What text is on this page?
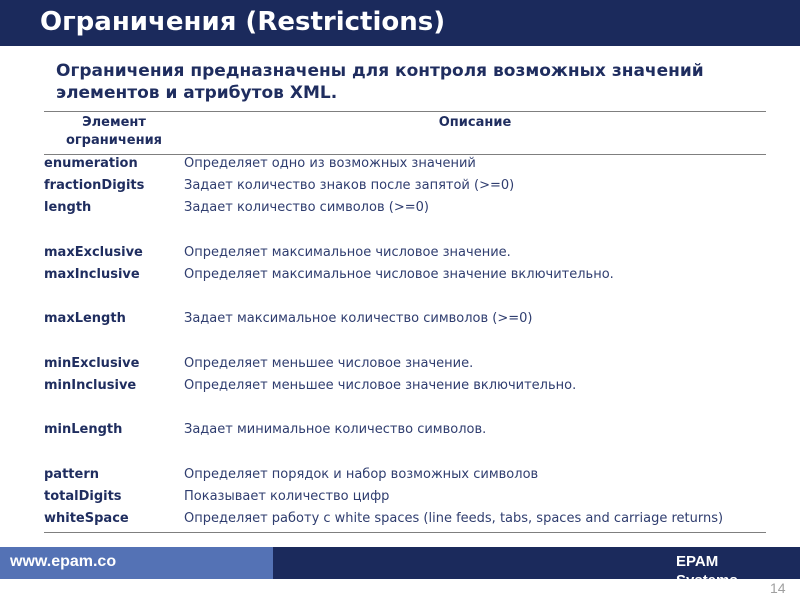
Ограничения (Restrictions)
Ограничения предназначены для контроля возможных значений элементов и атрибутов XML.
Элемент ограничения	Описание
enumeration	Определяет одно из возможных значений
fractionDigits	Задает количество знаков после запятой (>=0)
length	Задает количество символов (>=0)

maxExclusive	Определяет максимальное числовое значение.
maxInclusive	Определяет максимальное числовое значение включительно.

maxLength	Задает максимальное количество символов (>=0)

minExclusive	Определяет меньшее числовое значение.
minInclusive	Определяет меньшее числовое значение включительно.

minLength	Задает минимальное количество символов.

pattern	Определяет порядок и набор возможных символов
totalDigits	Показывает количество цифр
whiteSpace	Определяет работу с white spaces (line feeds, tabs, spaces and carriage returns)
www.epam.co	EPAM Systems 14
